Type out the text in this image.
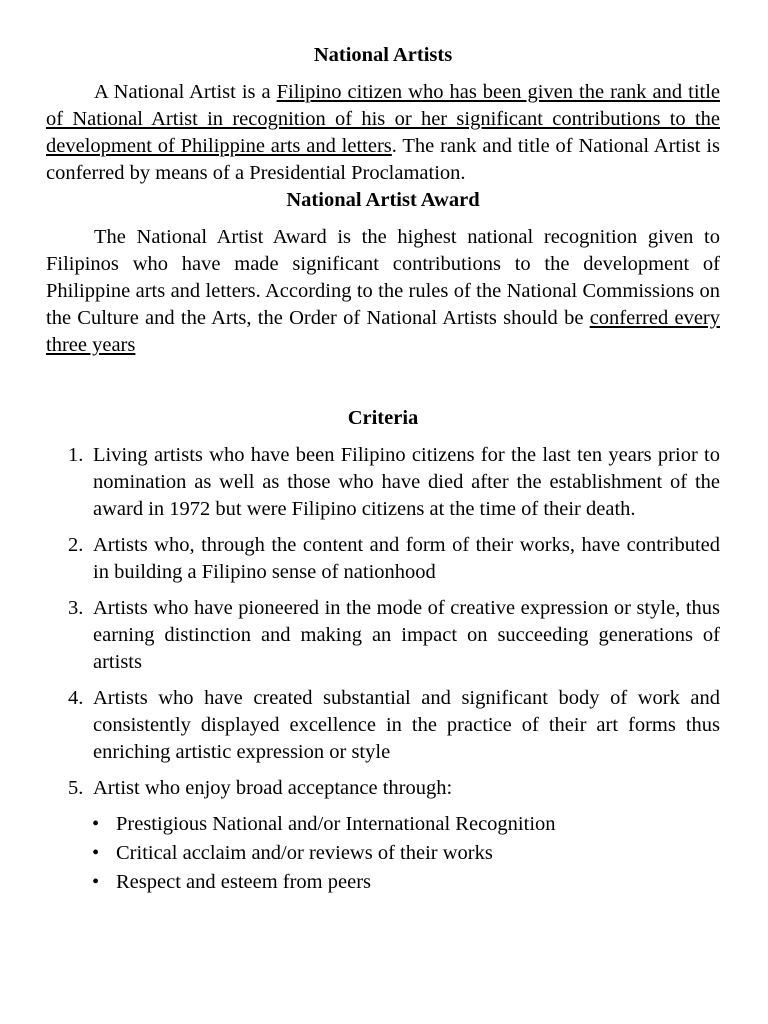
National Artists

A National Artist is a Filipino citizen who has been given the rank and title of National Artist in recognition of his or her significant contributions to the development of Philippine arts and letters. The rank and title of National Artist is conferred by means of a Presidential Proclamation.

National Artist Award

The National Artist Award is the highest national recognition given to Filipinos who have made significant contributions to the development of Philippine arts and letters. According to the rules of the National Commissions on the Culture and the Arts, the Order of National Artists should be conferred every three years

Criteria
1. Living artists who have been Filipino citizens for the last ten years prior to nomination as well as those who have died after the establishment of the award in 1972 but were Filipino citizens at the time of their death.
2. Artists who, through the content and form of their works, have contributed in building a Filipino sense of nationhood
3. Artists who have pioneered in the mode of creative expression or style, thus earning distinction and making an impact on succeeding generations of artists
4. Artists who have created substantial and significant body of work and consistently displayed excellence in the practice of their art forms thus enriching artistic expression or style
5. Artist who enjoy broad acceptance through:
• Prestigious National and/or International Recognition
• Critical acclaim and/or reviews of their works
• Respect and esteem from peers
